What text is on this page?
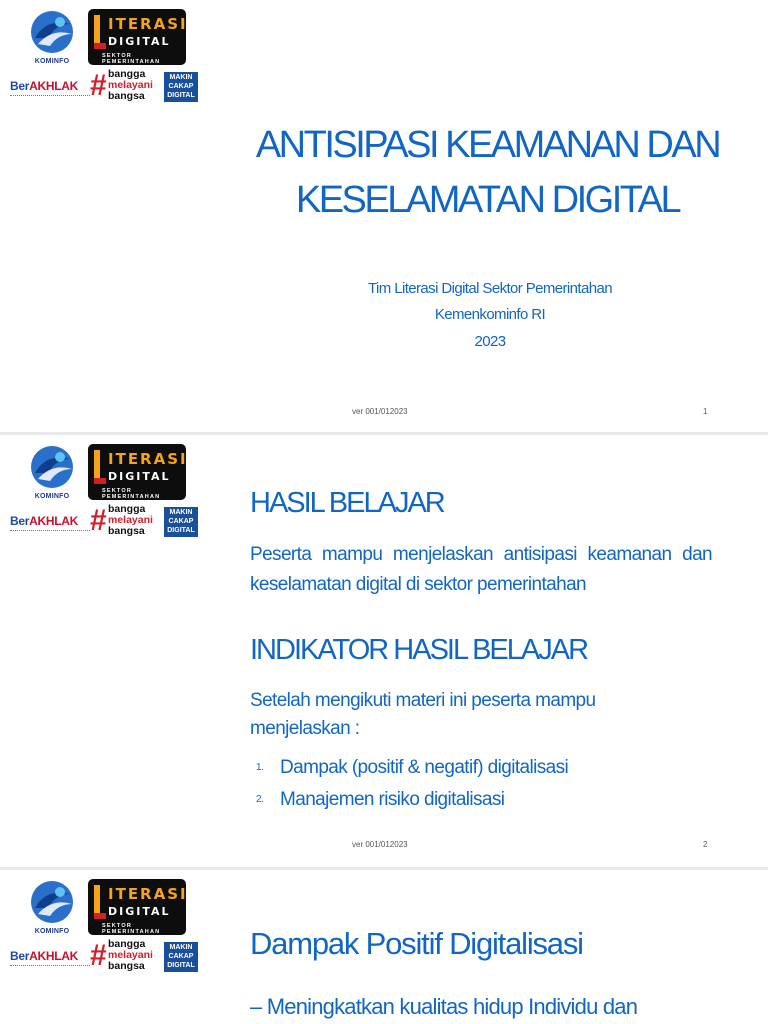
KOMINFO
ITERASI
DIGITAL
SEKTOR PEMERINTAHAN
BerAKHLAK # bangga
melayani
bangsa
MAKIN
CAKAP
DIGITAL
ANTISIPASI KEAMANAN DAN
KESELAMATAN DIGITAL
Tim Literasi Digital Sektor Pemerintahan
Kemenkominfo RI
2023
ver 001/012023	1
KOMINFO
ITERASI
DIGITAL
SEKTOR PEMERINTAHAN
BerAKHLAK # bangga
melayani
bangsa
MAKIN
CAKAP
DIGITAL
HASIL BELAJAR
Peserta mampu menjelaskan antisipasi keamanan dan keselamatan digital di sektor pemerintahan
INDIKATOR HASIL BELAJAR
Setelah mengikuti materi ini peserta mampu menjelaskan :
1. Dampak (positif & negatif) digitalisasi
2. Manajemen risiko digitalisasi
ver 001/012023	2
KOMINFO
ITERASI
DIGITAL
SEKTOR PEMERINTAHAN
BerAKHLAK # bangga
melayani
bangsa
MAKIN
CAKAP
DIGITAL
Dampak Positif Digitalisasi
– Meningkatkan kualitas hidup Individu dan
